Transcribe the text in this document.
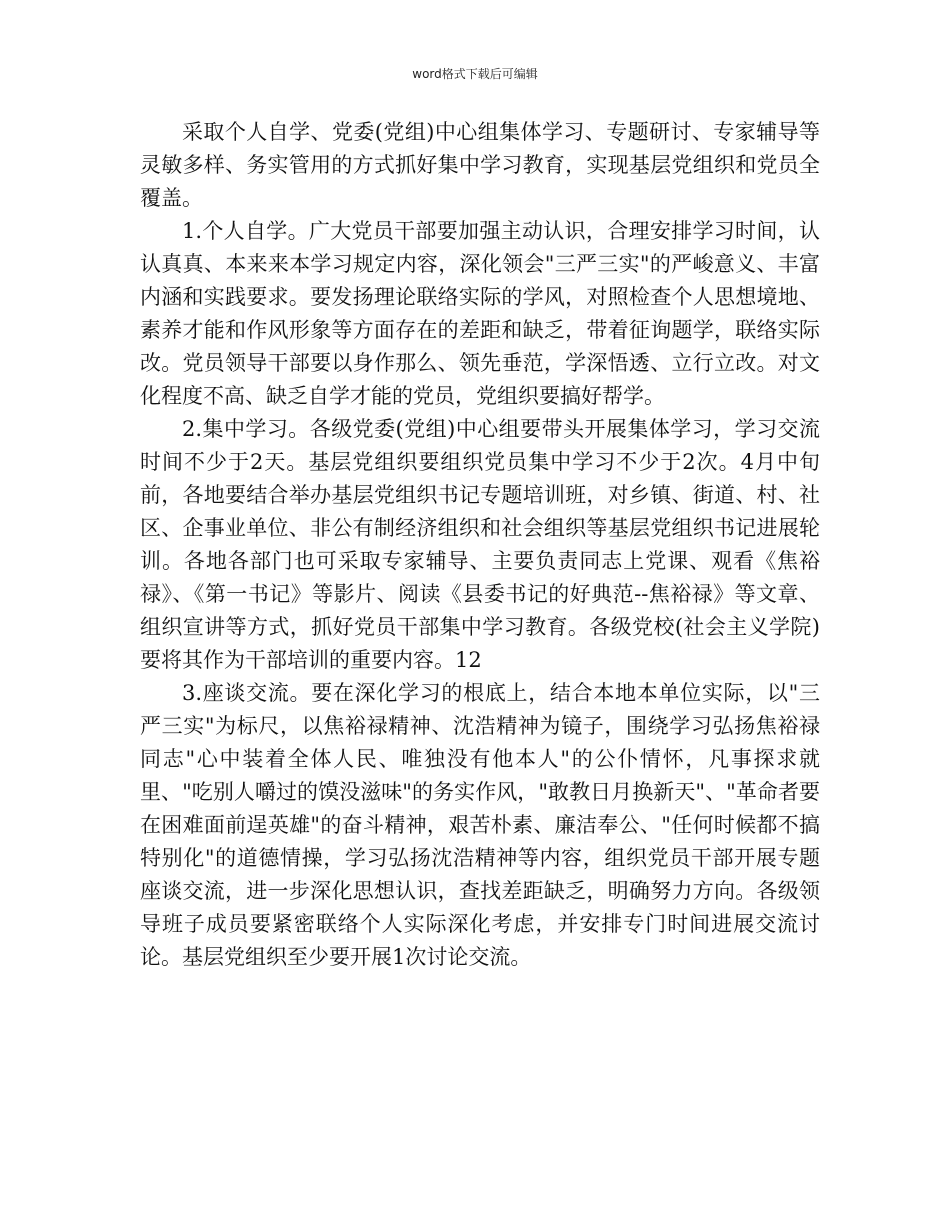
word格式下载后可编辑

采取个人自学、党委(党组)中心组集体学习、专题研讨、专家辅导等灵敏多样、务实管用的方式抓好集中学习教育，实现基层党组织和党员全覆盖。

1.个人自学。广大党员干部要加强主动认识，合理安排学习时间，认认真真、本来来本学习规定内容，深化领会"三严三实"的严峻意义、丰富内涵和实践要求。要发扬理论联络实际的学风，对照检查个人思想境地、素养才能和作风形象等方面存在的差距和缺乏，带着征询题学，联络实际改。党员领导干部要以身作那么、领先垂范，学深悟透、立行立改。对文化程度不高、缺乏自学才能的党员，党组织要搞好帮学。

2.集中学习。各级党委(党组)中心组要带头开展集体学习，学习交流时间不少于2天。基层党组织要组织党员集中学习不少于2次。4月中旬前，各地要结合举办基层党组织书记专题培训班，对乡镇、街道、村、社区、企事业单位、非公有制经济组织和社会组织等基层党组织书记进展轮训。各地各部门也可采取专家辅导、主要负责同志上党课、观看《焦裕禄》、《第一书记》等影片、阅读《县委书记的好典范--焦裕禄》等文章、组织宣讲等方式，抓好党员干部集中学习教育。各级党校(社会主义学院)要将其作为干部培训的重要内容。12

3.座谈交流。要在深化学习的根底上，结合本地本单位实际，以"三严三实"为标尺，以焦裕禄精神、沈浩精神为镜子，围绕学习弘扬焦裕禄同志"心中装着全体人民、唯独没有他本人"的公仆情怀，凡事探求就里、"吃别人嚼过的馍没滋味"的务实作风，"敢教日月换新天"、"革命者要在困难面前逞英雄"的奋斗精神，艰苦朴素、廉洁奉公、"任何时候都不搞特别化"的道德情操，学习弘扬沈浩精神等内容，组织党员干部开展专题座谈交流，进一步深化思想认识，查找差距缺乏，明确努力方向。各级领导班子成员要紧密联络个人实际深化考虑，并安排专门时间进展交流讨论。基层党组织至少要开展1次讨论交流。
